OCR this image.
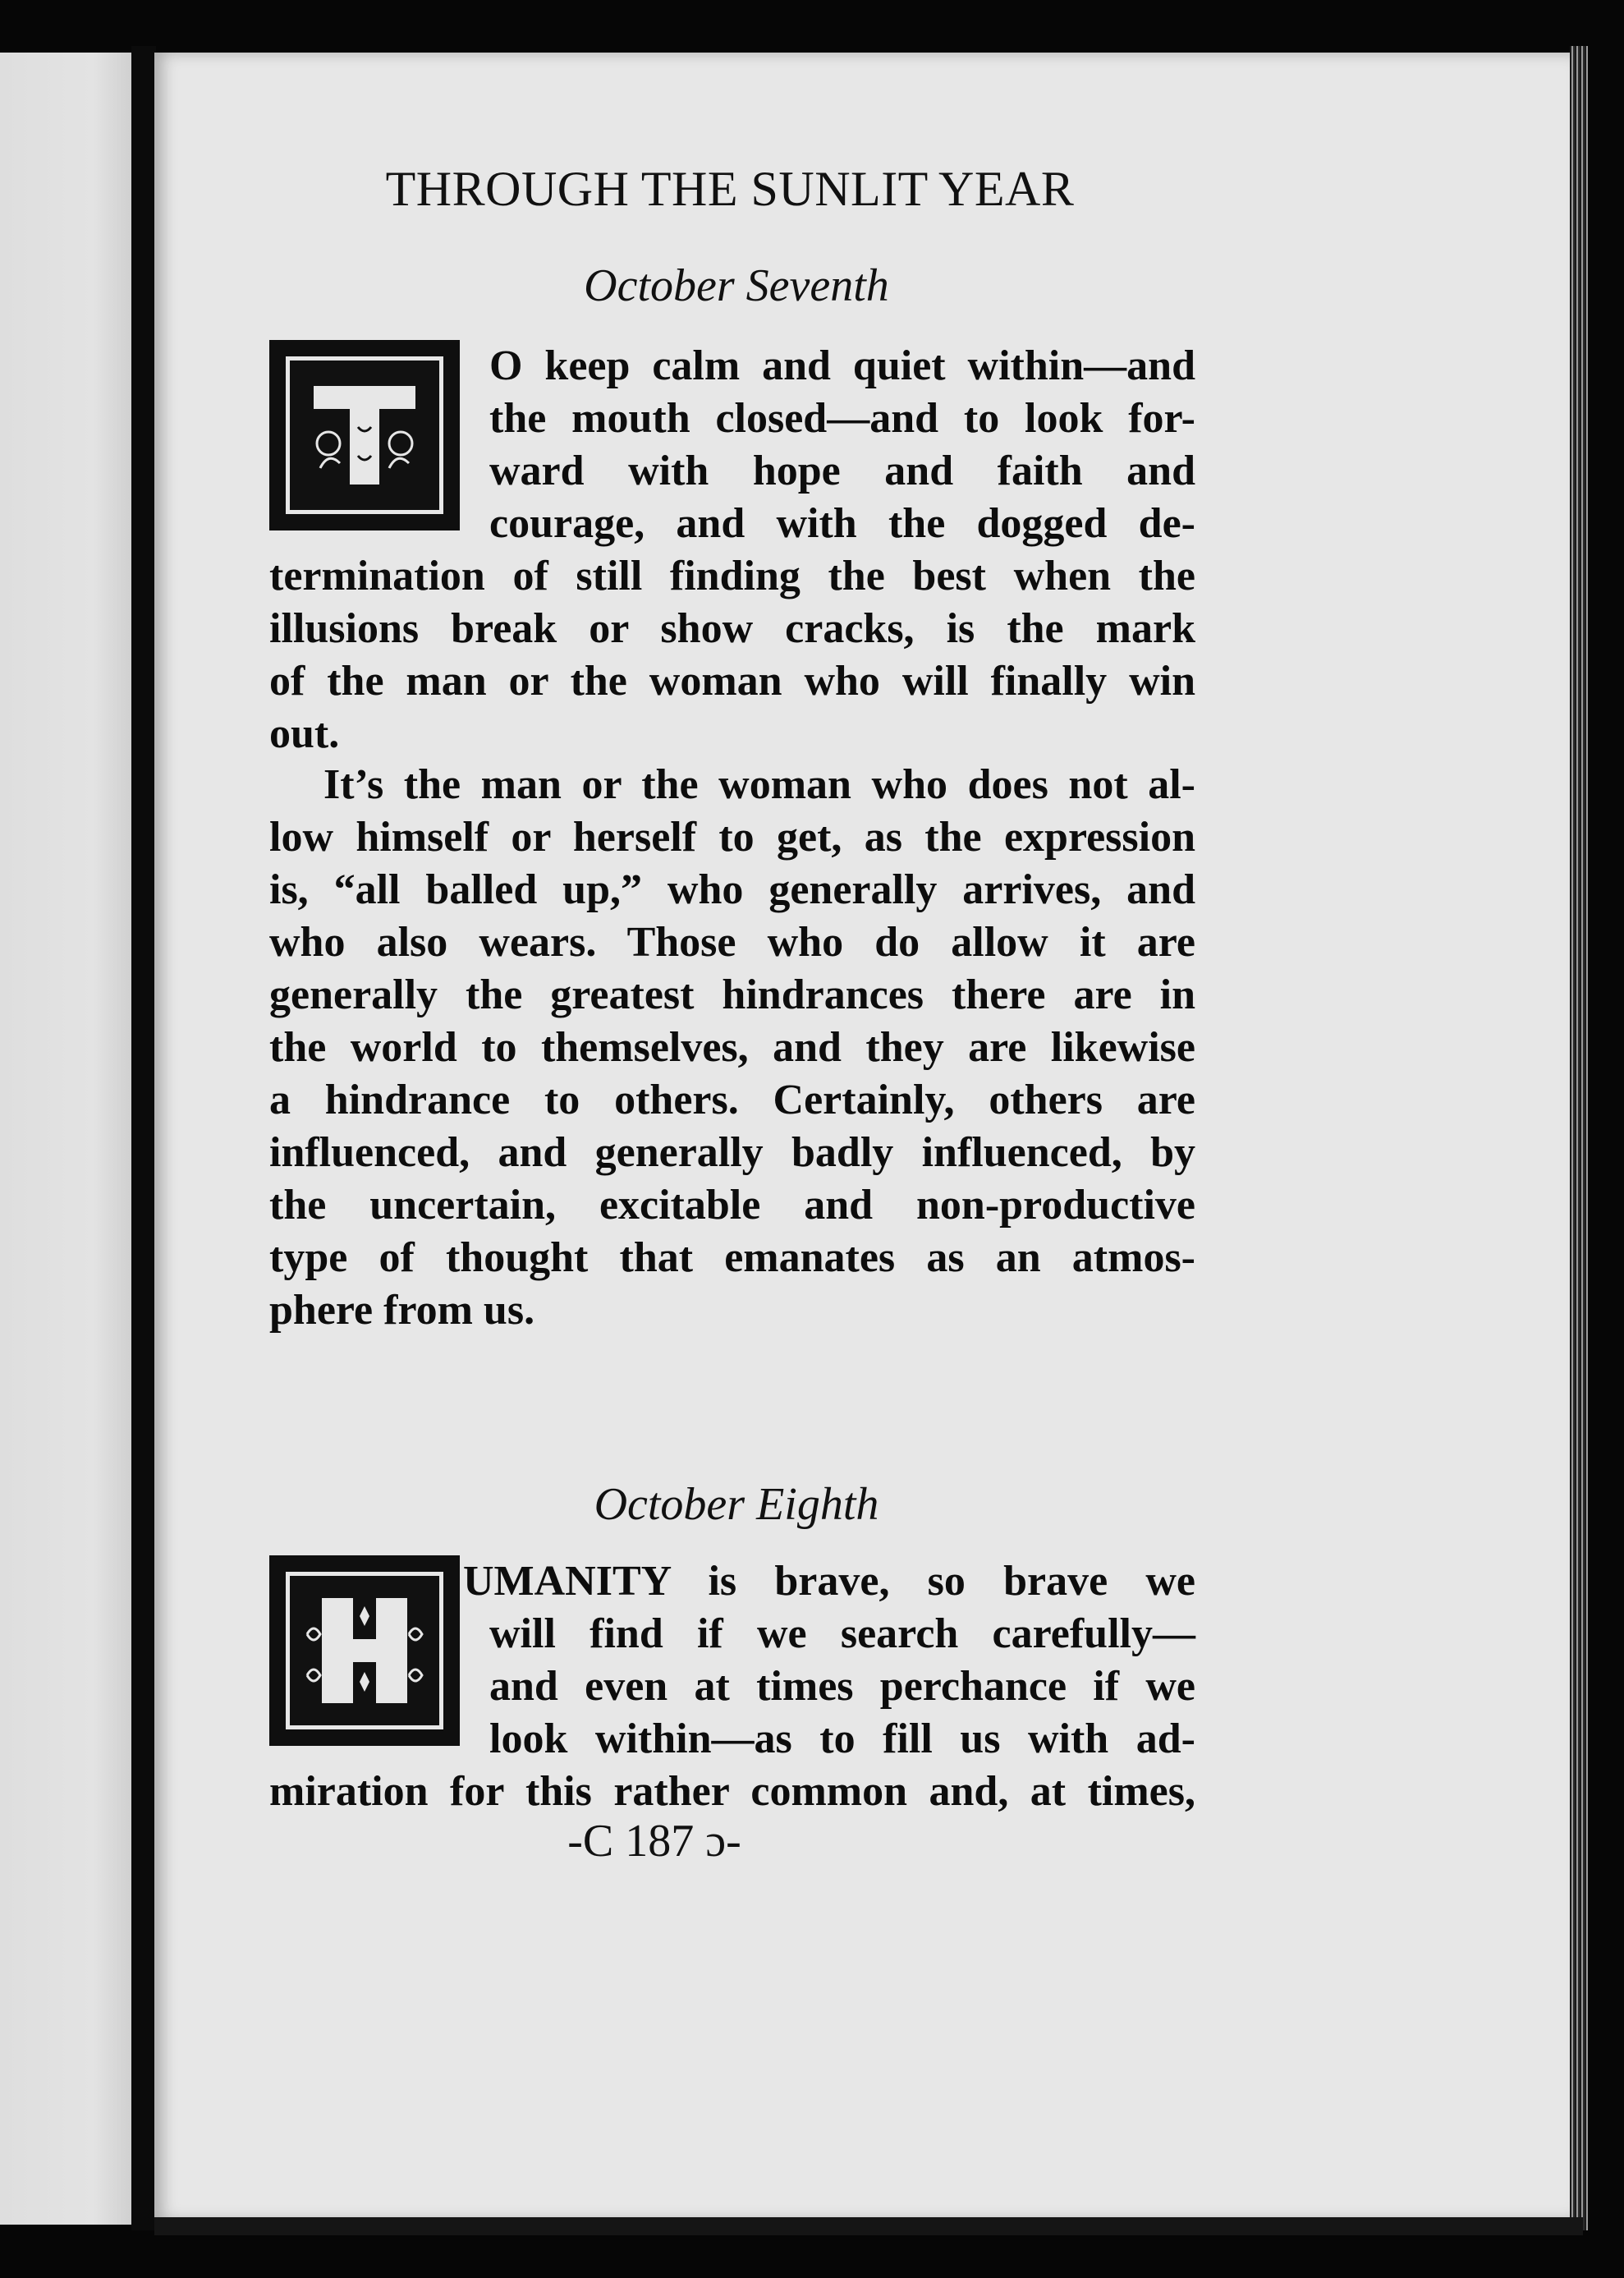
THROUGH THE SUNLIT YEAR
October Seventh
O keep calm and quiet within—and
the mouth closed—and to look for-
ward with hope and faith and
courage, and with the dogged de-
termination of still finding the best when the
illusions break or show cracks, is the mark
of the man or the woman who will finally win
out.
It’s the man or the woman who does not al-
low himself or herself to get, as the expression
is, “all balled up,” who generally arrives, and
who also wears. Those who do allow it are
generally the greatest hindrances there are in
the world to themselves, and they are likewise
a hindrance to others. Certainly, others are
influenced, and generally badly influenced, by
the uncertain, excitable and non-productive
type of thought that emanates as an atmos-
phere from us.
October Eighth
UMANITY is brave, so brave we
will find if we search carefully—
and even at times perchance if we
look within—as to fill us with ad-
miration for this rather common and, at times,
-C 187 ɔ-
